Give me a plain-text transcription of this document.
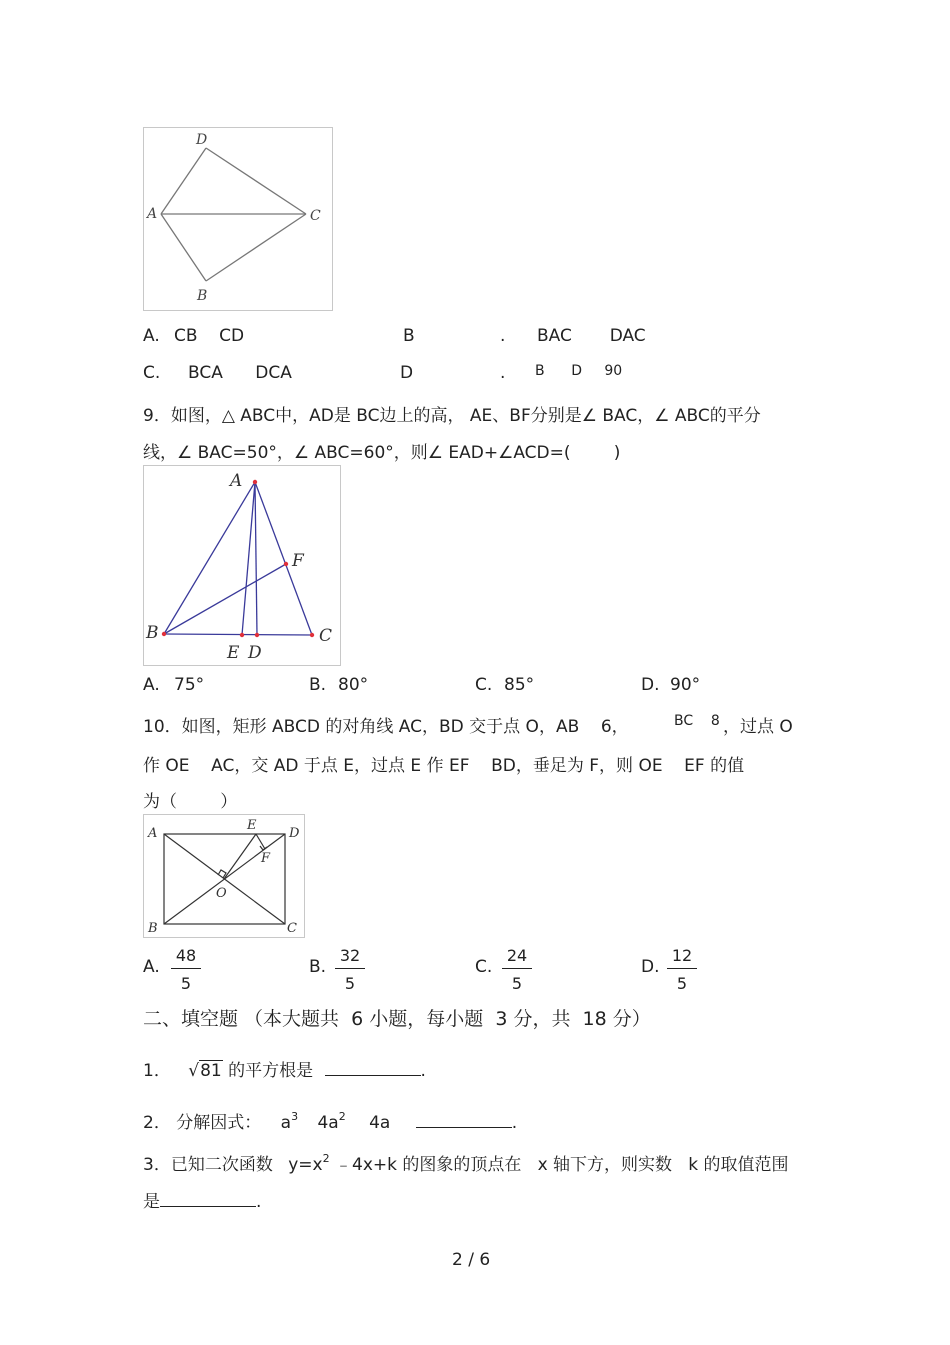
D
A	C
B
A. CB    CD	B	. BAC       DAC
C. BCA      DCA	D	. B      D     90
9．如图，△ ABC中，AD是 BC边上的高， AE、BF分别是∠ BAC，∠ ABC的平分
线，∠ BAC=50°，∠ ABC=60°，则∠ EAD+∠ACD=(        )
A
F
B	C
E D
A. 75°	B. 80°	C. 85°	D. 90°
10．如图，矩形 ABCD 的对角线 AC，BD 交于点 O，AB    6，	BC    8 ，过点 O
作 OE    AC，交 AD 于点 E，过点 E 作 EF    BD，垂足为 F，则 OE    EF 的值
为（        ）
A
E
D
F
O
B	C
A. $\frac{48}{5}$	B. $\frac{32}{5}$	C. $\frac{24}{5}$	D. $\frac{12}{5}$
二、填空题 （本大题共  6 小题，每小题  3 分，共  18 分）
1． √81 的平方根是	.
2． 分解因式： $a^3$ $4a^2$ 4a	.
3．已知二次函数 $y=x^2$ ﹣4x+k 的图象的顶点在   x 轴下方，则实数   k 的取值范围
是	.
2 / 6
